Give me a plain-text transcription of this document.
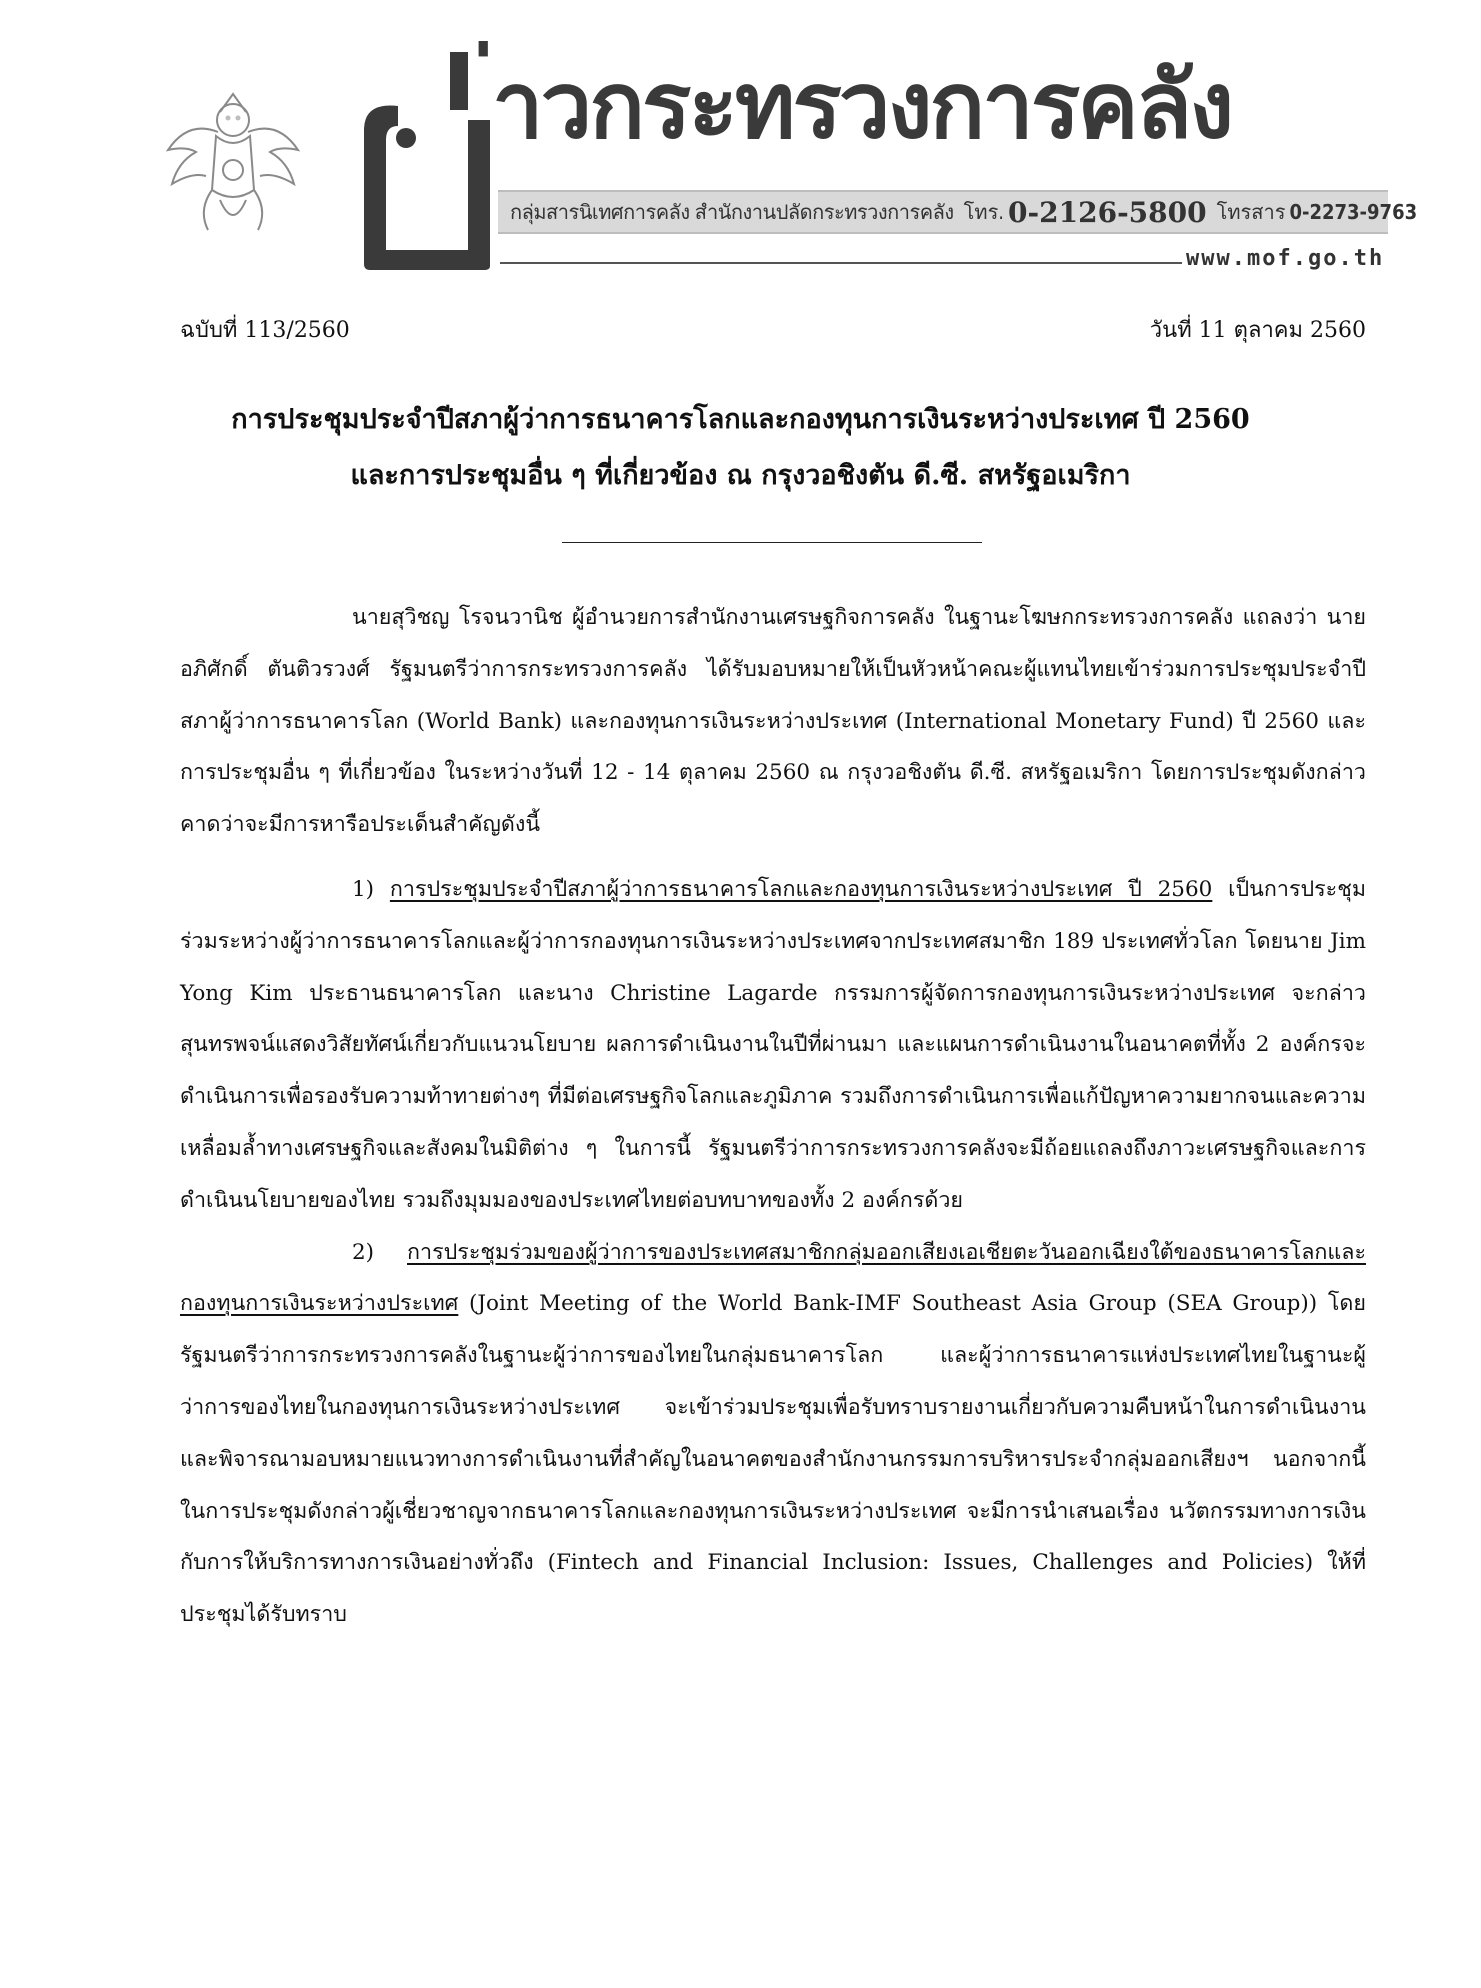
่าวกระทรวงการคลัง
กลุ่มสารนิเทศการคลัง สำนักงานปลัดกระทรวงการคลัง โทร. 0-2126-5800 โทรสาร 0-2273-9763
www.mof.go.th
ฉบับที่ 113/2560	วันที่ 11 ตุลาคม 2560
การประชุมประจำปีสภาผู้ว่าการธนาคารโลกและกองทุนการเงินระหว่างประเทศ ปี 2560
และการประชุมอื่น ๆ ที่เกี่ยวข้อง ณ กรุงวอชิงตัน ดี.ซี. สหรัฐอเมริกา

นายสุวิชญ โรจนวานิช ผู้อำนวยการสำนักงานเศรษฐกิจการคลัง ในฐานะโฆษกกระทรวงการคลัง แถลงว่า นายอภิศักดิ์ ตันติวรวงศ์ รัฐมนตรีว่าการกระทรวงการคลัง ได้รับมอบหมายให้เป็นหัวหน้าคณะผู้แทนไทยเข้าร่วมการประชุมประจำปีสภาผู้ว่าการธนาคารโลก (World Bank) และกองทุนการเงินระหว่างประเทศ (International Monetary Fund) ปี 2560 และการประชุมอื่น ๆ ที่เกี่ยวข้อง ในระหว่างวันที่ 12 - 14 ตุลาคม 2560 ณ กรุงวอชิงตัน ดี.ซี. สหรัฐอเมริกา โดยการประชุมดังกล่าวคาดว่าจะมีการหารือประเด็นสำคัญดังนี้

1) การประชุมประจำปีสภาผู้ว่าการธนาคารโลกและกองทุนการเงินระหว่างประเทศ ปี 2560 เป็นการประชุมร่วมระหว่างผู้ว่าการธนาคารโลกและผู้ว่าการกองทุนการเงินระหว่างประเทศจากประเทศสมาชิก 189 ประเทศทั่วโลก โดยนาย Jim Yong Kim ประธานธนาคารโลก และนาง Christine Lagarde กรรมการผู้จัดการกองทุนการเงินระหว่างประเทศ จะกล่าวสุนทรพจน์แสดงวิสัยทัศน์เกี่ยวกับแนวนโยบาย ผลการดำเนินงานในปีที่ผ่านมา และแผนการดำเนินงานในอนาคตที่ทั้ง 2 องค์กรจะดำเนินการเพื่อรองรับความท้าทายต่างๆ ที่มีต่อเศรษฐกิจโลกและภูมิภาค รวมถึงการดำเนินการเพื่อแก้ปัญหาความยากจนและความเหลื่อมล้ำทางเศรษฐกิจและสังคมในมิติต่าง ๆ ในการนี้ รัฐมนตรีว่าการกระทรวงการคลังจะมีถ้อยแถลงถึงภาวะเศรษฐกิจและการดำเนินนโยบายของไทย รวมถึงมุมมองของประเทศไทยต่อบทบาทของทั้ง 2 องค์กรด้วย

2) การประชุมร่วมของผู้ว่าการของประเทศสมาชิกกลุ่มออกเสียงเอเชียตะวันออกเฉียงใต้ของธนาคารโลกและกองทุนการเงินระหว่างประเทศ (Joint Meeting of the World Bank-IMF Southeast Asia Group (SEA Group)) โดยรัฐมนตรีว่าการกระทรวงการคลังในฐานะผู้ว่าการของไทยในกลุ่มธนาคารโลก และผู้ว่าการธนาคารแห่งประเทศไทยในฐานะผู้ว่าการของไทยในกองทุนการเงินระหว่างประเทศ จะเข้าร่วมประชุมเพื่อรับทราบรายงานเกี่ยวกับความคืบหน้าในการดำเนินงานและพิจารณามอบหมายแนวทางการดำเนินงานที่สำคัญในอนาคตของสำนักงานกรรมการบริหารประจำกลุ่มออกเสียงฯ นอกจากนี้ ในการประชุมดังกล่าวผู้เชี่ยวชาญจากธนาคารโลกและกองทุนการเงินระหว่างประเทศ จะมีการนำเสนอเรื่อง นวัตกรรมทางการเงินกับการให้บริการทางการเงินอย่างทั่วถึง (Fintech and Financial Inclusion: Issues, Challenges and Policies) ให้ที่ประชุมได้รับทราบ
